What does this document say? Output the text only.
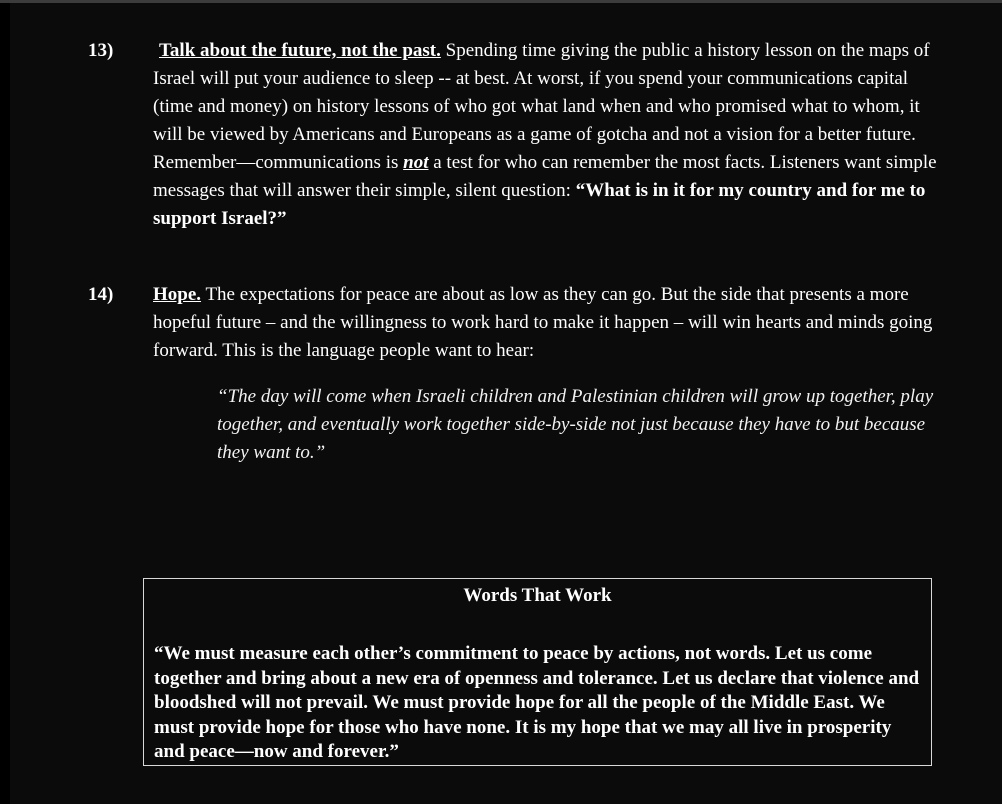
13)	Talk about the future, not the past. Spending time giving the public a history lesson on the maps of Israel will put your audience to sleep -- at best. At worst, if you spend your communications capital (time and money) on history lessons of who got what land when and who promised what to whom, it will be viewed by Americans and Europeans as a game of gotcha and not a vision for a better future. Remember—communications is not a test for who can remember the most facts. Listeners want simple messages that will answer their simple, silent question: “What is in it for my country and for me to support Israel?”
14) Hope. The expectations for peace are about as low as they can go. But the side that presents a more hopeful future – and the willingness to work hard to make it happen – will win hearts and minds going forward. This is the language people want to hear:
“The day will come when Israeli children and Palestinian children will grow up together, play together, and eventually work together side-by-side not just because they have to but because they want to.”
Words That Work
“We must measure each other’s commitment to peace by actions, not words. Let us come together and bring about a new era of openness and tolerance. Let us declare that violence and bloodshed will not prevail. We must provide hope for all the people of the Middle East. We must provide hope for those who have none. It is my hope that we may all live in prosperity and peace—now and forever.”
